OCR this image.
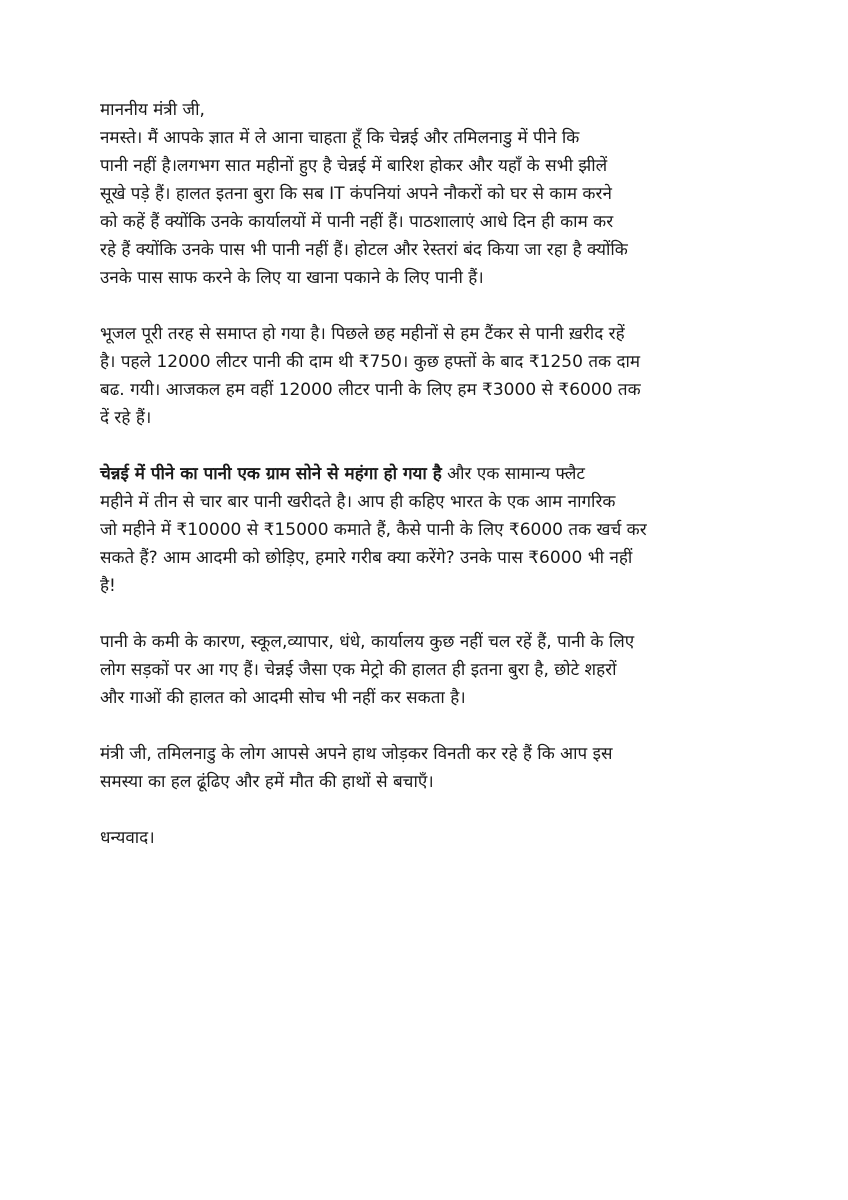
माननीय मंत्री जी,
नमस्ते। मैं आपके ज्ञात में ले आना चाहता हूँ कि चेन्नई और तमिलनाडु में पीने कि
पानी नहीं है।लगभग सात महीनों हुए है चेन्नई में बारिश होकर और यहाँ के सभी झीलें
सूखे पड़े हैं। हालत इतना बुरा कि सब IT कंपनियां अपने नौकरों को घर से काम करने
को कहें हैं क्योंकि उनके कार्यालयों में पानी नहीं हैं। पाठशालाएं आधे दिन ही काम कर
रहे हैं क्योंकि उनके पास भी पानी नहीं हैं। होटल और रेस्तरां बंद किया जा रहा है क्योंकि
उनके पास साफ करने के लिए या खाना पकाने के लिए पानी हैं।
भूजल पूरी तरह से समाप्त हो गया है। पिछले छह महीनों से हम टैंकर से पानी ख़रीद रहें
है। पहले 12000 लीटर पानी की दाम थी ₹750। कुछ हफ्तों के बाद ₹1250 तक दाम
बढ. गयी। आजकल हम वहीं 12000 लीटर पानी के लिए हम ₹3000 से ₹6000 तक
दें रहे हैं।
चेन्नई में पीने का पानी एक ग्राम सोने से महंगा हो गया है और एक सामान्य फ्लैट
महीने में तीन से चार बार पानी खरीदते है। आप ही कहिए भारत के एक आम नागरिक
जो महीने में ₹10000 से ₹15000 कमाते हैं, कैसे पानी के लिए ₹6000 तक खर्च कर
सकते हैं? आम आदमी को छोड़िए, हमारे गरीब क्या करेंगे? उनके पास ₹6000 भी नहीं
है!
पानी के कमी के कारण, स्कूल,व्यापार, धंधे, कार्यालय कुछ नहीं चल रहें हैं, पानी के लिए
लोग सड़कों पर आ गए हैं। चेन्नई जैसा एक मेट्रो की हालत ही इतना बुरा है, छोटे शहरों
और गाओं की हालत को आदमी सोच भी नहीं कर सकता है।
मंत्री जी, तमिलनाडु के लोग आपसे अपने हाथ जोड़कर विनती कर रहे हैं कि आप इस
समस्या का हल ढूंढिए और हमें मौत की हाथों से बचाएँ।
धन्यवाद।
